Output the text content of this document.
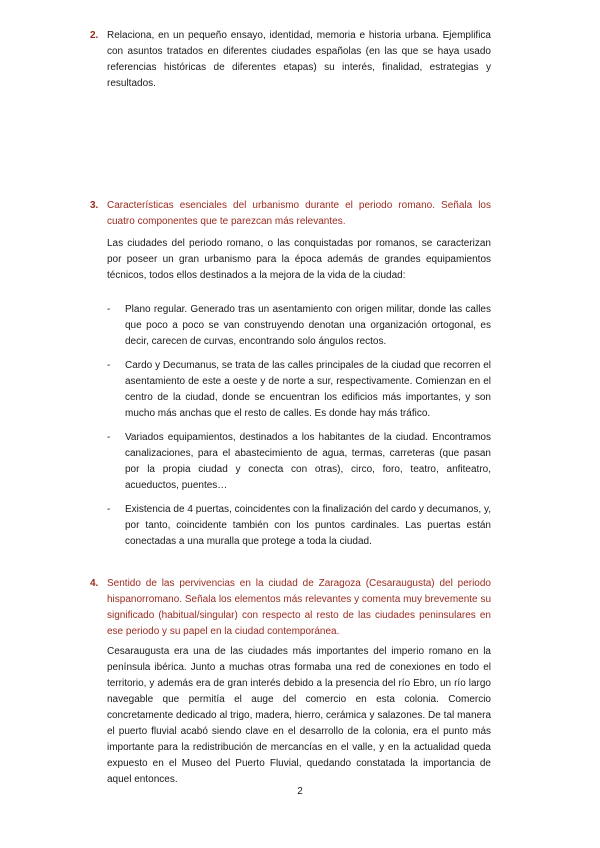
2. Relaciona, en un pequeño ensayo, identidad, memoria e historia urbana. Ejemplifica con asuntos tratados en diferentes ciudades españolas (en las que se haya usado referencias históricas de diferentes etapas) su interés, finalidad, estrategias y resultados.

3. Características esenciales del urbanismo durante el periodo romano. Señala los cuatro componentes que te parezcan más relevantes.

Las ciudades del periodo romano, o las conquistadas por romanos, se caracterizan por poseer un gran urbanismo para la época además de grandes equipamientos técnicos, todos ellos destinados a la mejora de la vida de la ciudad:

- Plano regular. Generado tras un asentamiento con origen militar, donde las calles que poco a poco se van construyendo denotan una organización ortogonal, es decir, carecen de curvas, encontrando solo ángulos rectos.
- Cardo y Decumanus, se trata de las calles principales de la ciudad que recorren el asentamiento de este a oeste y de norte a sur, respectivamente. Comienzan en el centro de la ciudad, donde se encuentran los edificios más importantes, y son mucho más anchas que el resto de calles. Es donde hay más tráfico.
- Variados equipamientos, destinados a los habitantes de la ciudad. Encontramos canalizaciones, para el abastecimiento de agua, termas, carreteras (que pasan por la propia ciudad y conecta con otras), circo, foro, teatro, anfiteatro, acueductos, puentes…
- Existencia de 4 puertas, coincidentes con la finalización del cardo y decumanos, y, por tanto, coincidente también con los puntos cardinales. Las puertas están conectadas a una muralla que protege a toda la ciudad.
4. Sentido de las pervivencias en la ciudad de Zaragoza (Cesaraugusta) del periodo hispanorromano. Señala los elementos más relevantes y comenta muy brevemente su significado (habitual/singular) con respecto al resto de las ciudades peninsulares en ese periodo y su papel en la ciudad contemporánea.

Cesaraugusta era una de las ciudades más importantes del imperio romano en la península ibérica. Junto a muchas otras formaba una red de conexiones en todo el territorio, y además era de gran interés debido a la presencia del río Ebro, un río largo navegable que permitía el auge del comercio en esta colonia. Comercio concretamente dedicado al trigo, madera, hierro, cerámica y salazones. De tal manera el puerto fluvial acabó siendo clave en el desarrollo de la colonia, era el punto más importante para la redistribución de mercancías en el valle, y en la actualidad queda expuesto en el Museo del Puerto Fluvial, quedando constatada la importancia de aquel entonces.

2
